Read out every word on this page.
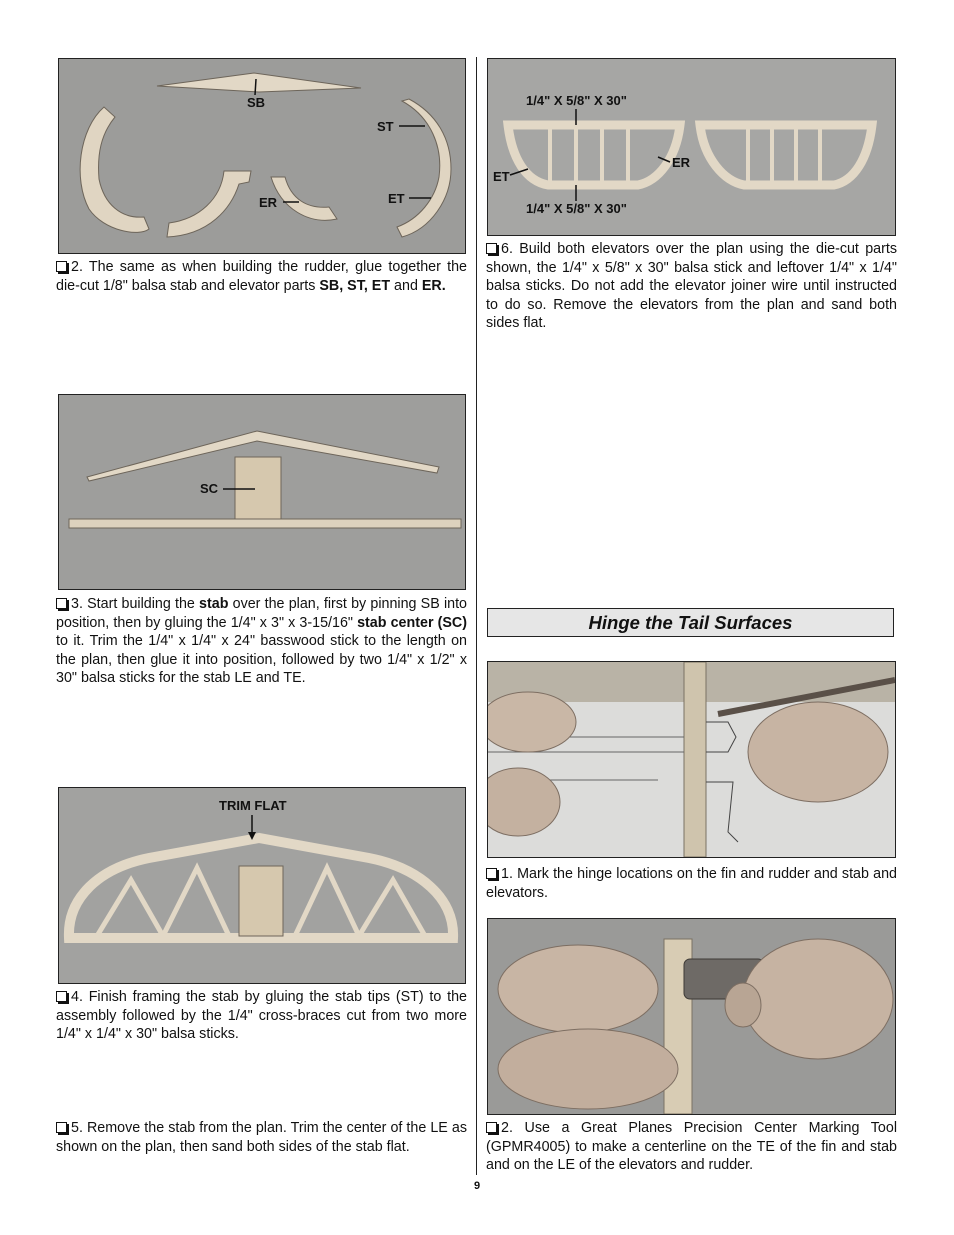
SB
ST
ER	ET

2. The same as when building the rudder, glue together the die-cut 1/8" balsa stab and elevator parts SB, ST, ET and ER.

SC

3. Start building the stab over the plan, first by pinning SB into position, then by gluing the 1/4" x 3" x 3-15/16" stab center (SC) to it. Trim the 1/4" x 1/4" x 24" basswood stick to the length on the plan, then glue it into position, followed by two 1/4" x 1/2" x 30" balsa sticks for the stab LE and TE.

TRIM FLAT

4. Finish framing the stab by gluing the stab tips (ST) to the assembly followed by the 1/4" cross-braces cut from two more 1/4" x 1/4" x 30" balsa sticks.

5. Remove the stab from the plan. Trim the center of the LE as shown on the plan, then sand both sides of the stab flat.

1/4" X 5/8" X 30"
1/4" X 5/8" X 30"
ET
ER

6. Build both elevators over the plan using the die-cut parts shown, the 1/4" x 5/8" x 30" balsa stick and leftover 1/4" x 1/4" balsa sticks. Do not add the elevator joiner wire until instructed to do so. Remove the elevators from the plan and sand both sides flat.

Hinge the Tail Surfaces

1. Mark the hinge locations on the fin and rudder and stab and elevators.

2. Use a Great Planes Precision Center Marking Tool (GPMR4005) to make a centerline on the TE of the fin and stab and on the LE of the elevators and rudder.

9
